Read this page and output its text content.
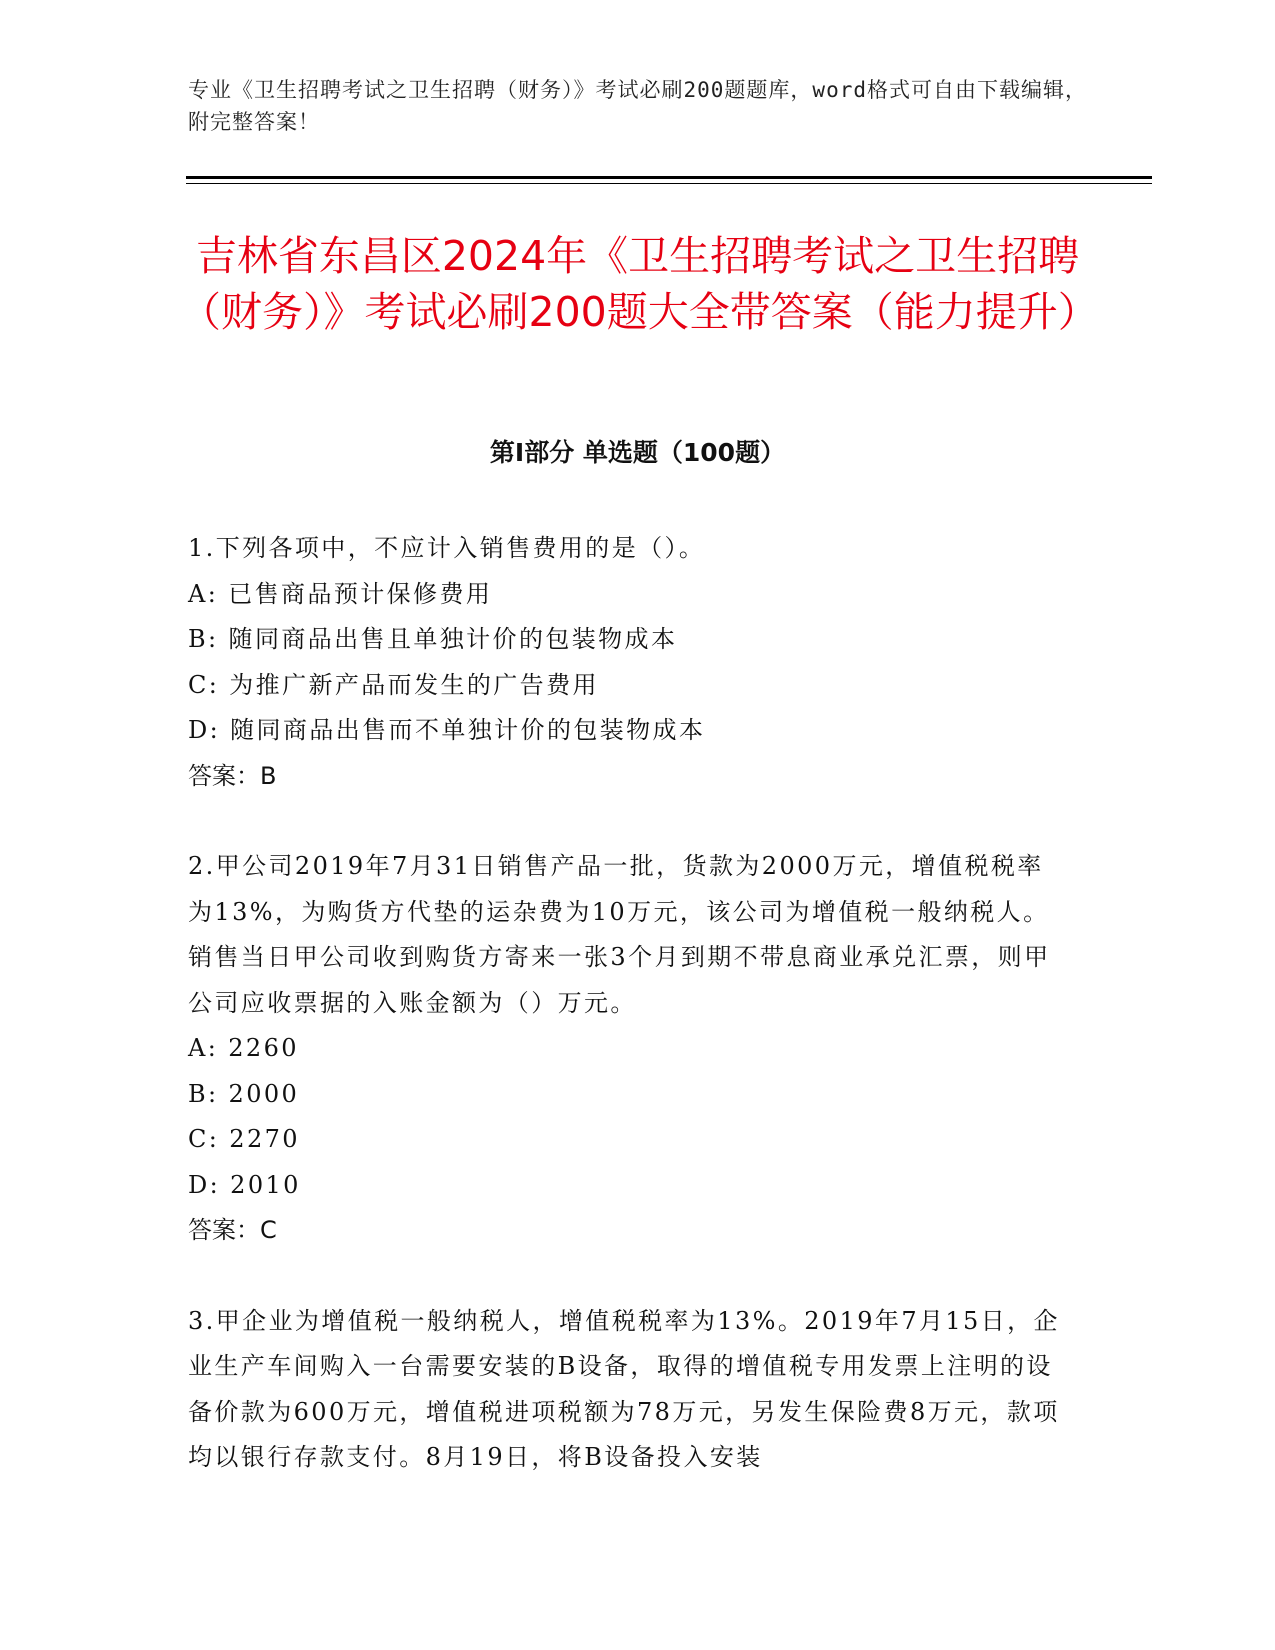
专业《卫生招聘考试之卫生招聘（财务）》考试必刷200题题库，word格式可自由下载编辑，附完整答案！
吉林省东昌区2024年《卫生招聘考试之卫生招聘（财务）》考试必刷200题大全带答案（能力提升）
第Ⅰ部分 单选题（100题）

1.下列各项中，不应计入销售费用的是（）。

A: 已售商品预计保修费用

B: 随同商品出售且单独计价的包装物成本

C: 为推广新产品而发生的广告费用

D: 随同商品出售而不单独计价的包装物成本

答案：B

2.甲公司2019年7月31日销售产品一批，货款为2000万元，增值税税率为13%，为购货方代垫的运杂费为10万元，该公司为增值税一般纳税人。销售当日甲公司收到购货方寄来一张3个月到期不带息商业承兑汇票，则甲公司应收票据的入账金额为（）万元。

A: 2260

B: 2000

C: 2270

D: 2010

答案：C

3.甲企业为增值税一般纳税人，增值税税率为13%。2019年7月15日，企业生产车间购入一台需要安装的B设备，取得的增值税专用发票上注明的设备价款为600万元，增值税进项税额为78万元，另发生保险费8万元，款项均以银行存款支付。8月19日，将B设备投入安装
